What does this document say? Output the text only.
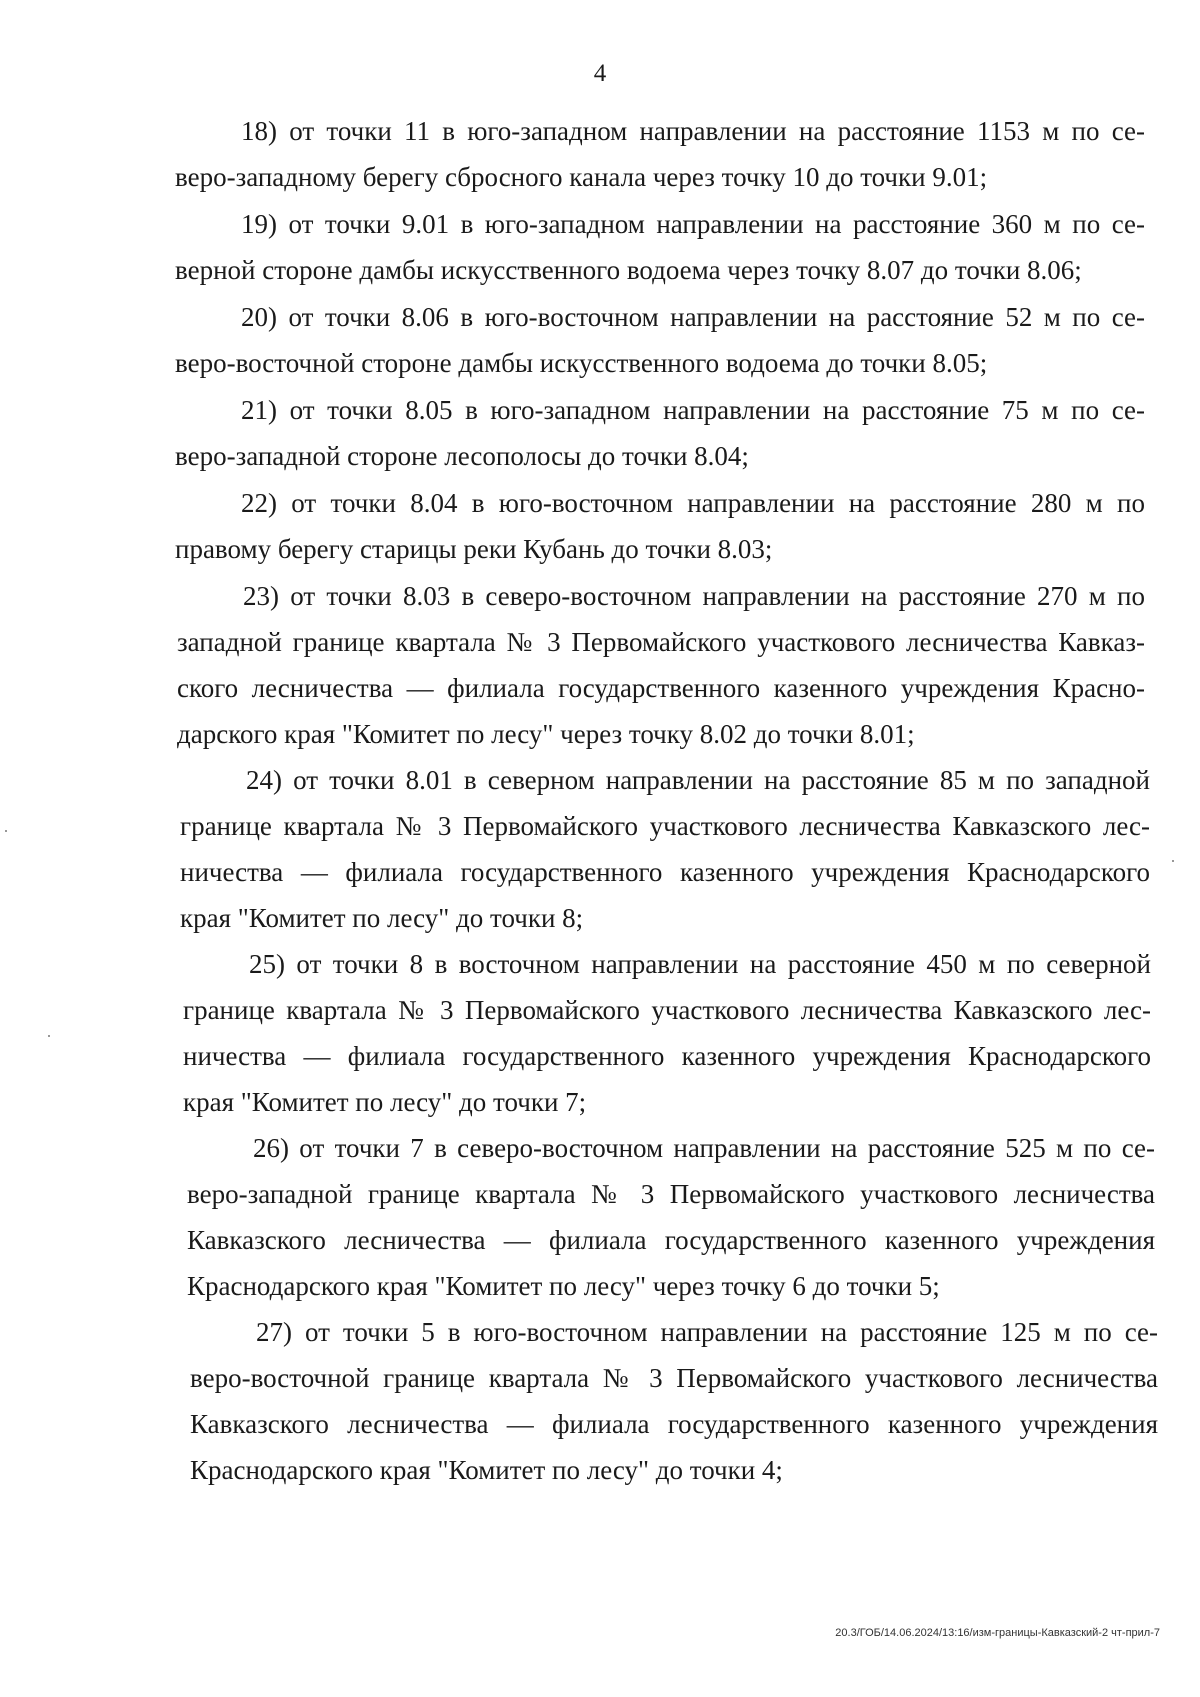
4
18) от точки 11 в юго-западном направлении на расстояние 1153 м по се-
веро-западному берегу сбросного канала через точку 10 до точки 9.01;
19) от точки 9.01 в юго-западном направлении на расстояние 360 м по се-
верной стороне дамбы искусственного водоема через точку 8.07 до точки 8.06;
20) от точки 8.06 в юго-восточном направлении на расстояние 52 м по се-
веро-восточной стороне дамбы искусственного водоема до точки 8.05;
21) от точки 8.05 в юго-западном направлении на расстояние 75 м по се-
веро-западной стороне лесополосы до точки 8.04;
22) от точки 8.04 в юго-восточном направлении на расстояние 280 м по
правому берегу старицы реки Кубань до точки 8.03;
23) от точки 8.03 в северо-восточном направлении на расстояние 270 м по
западной границе квартала № 3 Первомайского участкового лесничества Кавказ-
ского лесничества — филиала государственного казенного учреждения Красно-
дарского края "Комитет по лесу" через точку 8.02 до точки 8.01;
24) от точки 8.01 в северном направлении на расстояние 85 м по западной
границе квартала № 3 Первомайского участкового лесничества Кавказского лес-
ничества — филиала государственного казенного учреждения Краснодарского
края "Комитет по лесу" до точки 8;
25) от точки 8 в восточном направлении на расстояние 450 м по северной
границе квартала № 3 Первомайского участкового лесничества Кавказского лес-
ничества — филиала государственного казенного учреждения Краснодарского
края "Комитет по лесу" до точки 7;
26) от точки 7 в северо-восточном направлении на расстояние 525 м по се-
веро-западной границе квартала № 3 Первомайского участкового лесничества
Кавказского лесничества — филиала государственного казенного учреждения
Краснодарского края "Комитет по лесу" через точку 6 до точки 5;
27) от точки 5 в юго-восточном направлении на расстояние 125 м по се-
веро-восточной границе квартала № 3 Первомайского участкового лесничества
Кавказского лесничества — филиала государственного казенного учреждения
Краснодарского края "Комитет по лесу" до точки 4;
20.3/ГОБ/14.06.2024/13:16/изм-границы-Кавказский-2 чт-прил-7
